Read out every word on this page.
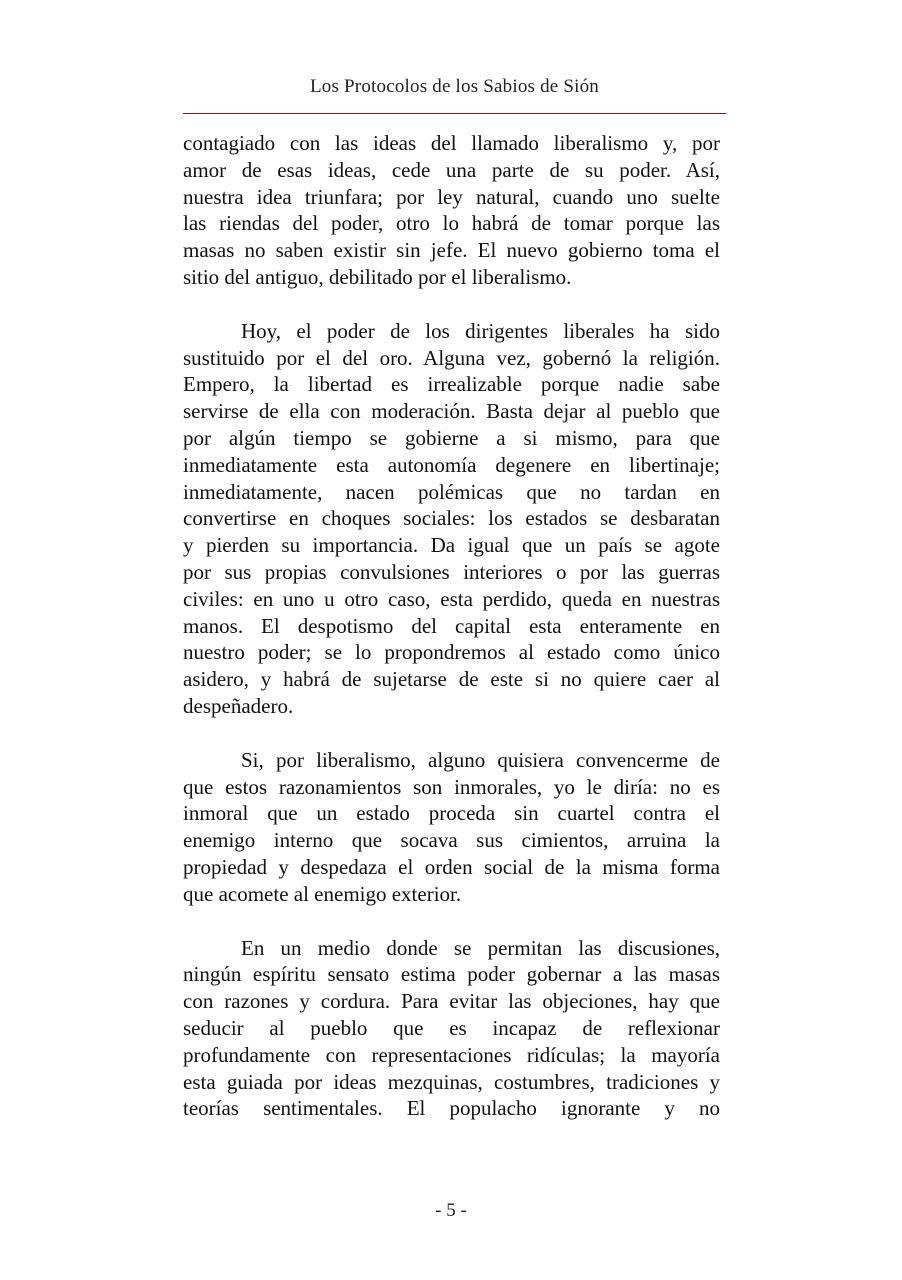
Los Protocolos de los Sabios de Sión
contagiado con las ideas del llamado liberalismo y, por
amor de esas ideas, cede una parte de su poder. Así,
nuestra idea triunfara; por ley natural, cuando uno suelte
las riendas del poder, otro lo habrá de tomar porque las
masas no saben existir sin jefe. El nuevo gobierno toma el
sitio del antiguo, debilitado por el liberalismo.
Hoy, el poder de los dirigentes liberales ha sido
sustituido por el del oro. Alguna vez, gobernó la religión.
Empero, la libertad es irrealizable porque nadie sabe
servirse de ella con moderación. Basta dejar al pueblo que
por algún tiempo se gobierne a si mismo, para que
inmediatamente esta autonomía degenere en libertinaje;
inmediatamente, nacen polémicas que no tardan en
convertirse en choques sociales: los estados se desbaratan
y pierden su importancia. Da igual que un país se agote
por sus propias convulsiones interiores o por las guerras
civiles: en uno u otro caso, esta perdido, queda en nuestras
manos. El despotismo del capital esta enteramente en
nuestro poder; se lo propondremos al estado como único
asidero, y habrá de sujetarse de este si no quiere caer al
despeñadero.
Si, por liberalismo, alguno quisiera convencerme de
que estos razonamientos son inmorales, yo le diría: no es
inmoral que un estado proceda sin cuartel contra el
enemigo interno que socava sus cimientos, arruina la
propiedad y despedaza el orden social de la misma forma
que acomete al enemigo exterior.
En un medio donde se permitan las discusiones,
ningún espíritu sensato estima poder gobernar a las masas
con razones y cordura. Para evitar las objeciones, hay que
seducir al pueblo que es incapaz de reflexionar
profundamente con representaciones ridículas; la mayoría
esta guiada por ideas mezquinas, costumbres, tradiciones y
teorías sentimentales. El populacho ignorante y no
- 5 -
